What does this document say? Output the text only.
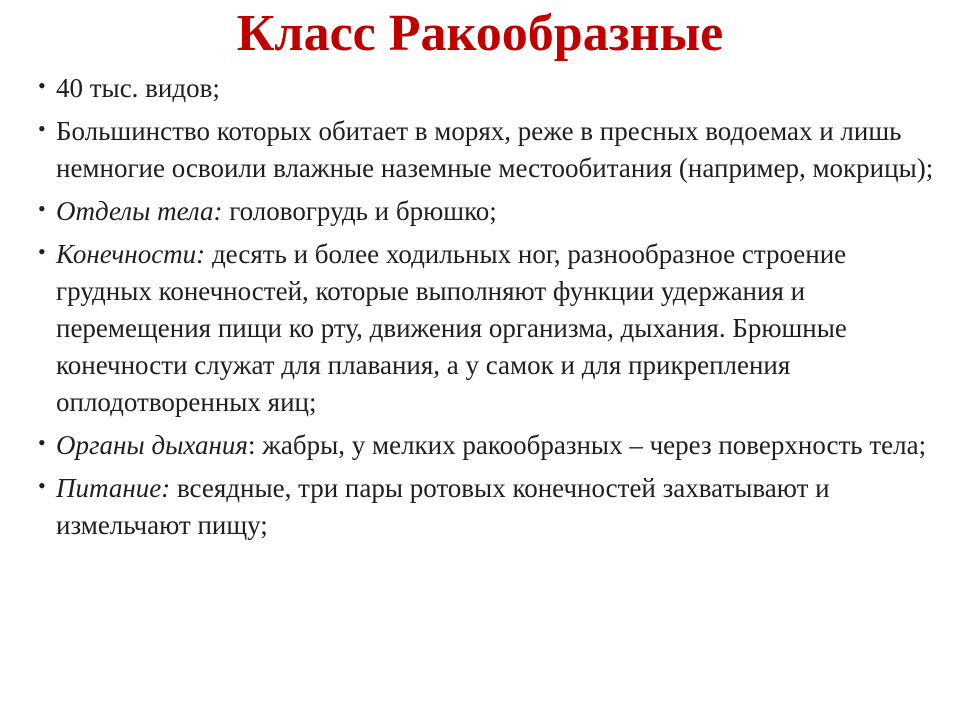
Класс Ракообразные
• 40 тыс. видов;
• Большинство которых обитает в морях, реже в пресных водоемах и лишь немногие освоили влажные наземные местообитания (например, мокрицы);
• Отделы тела: головогрудь и брюшко;
• Конечности: десять и более ходильных ног, разнообразное строение грудных конечностей, которые выполняют функции удержания и перемещения пищи ко рту, движения организма, дыхания. Брюшные конечности служат для плавания, а у самок и для прикрепления оплодотворенных яиц;
• Органы дыхания: жабры, у мелких ракообразных – через поверхность тела;
• Питание: всеядные, три пары ротовых конечностей захватывают и измельчают пищу;
